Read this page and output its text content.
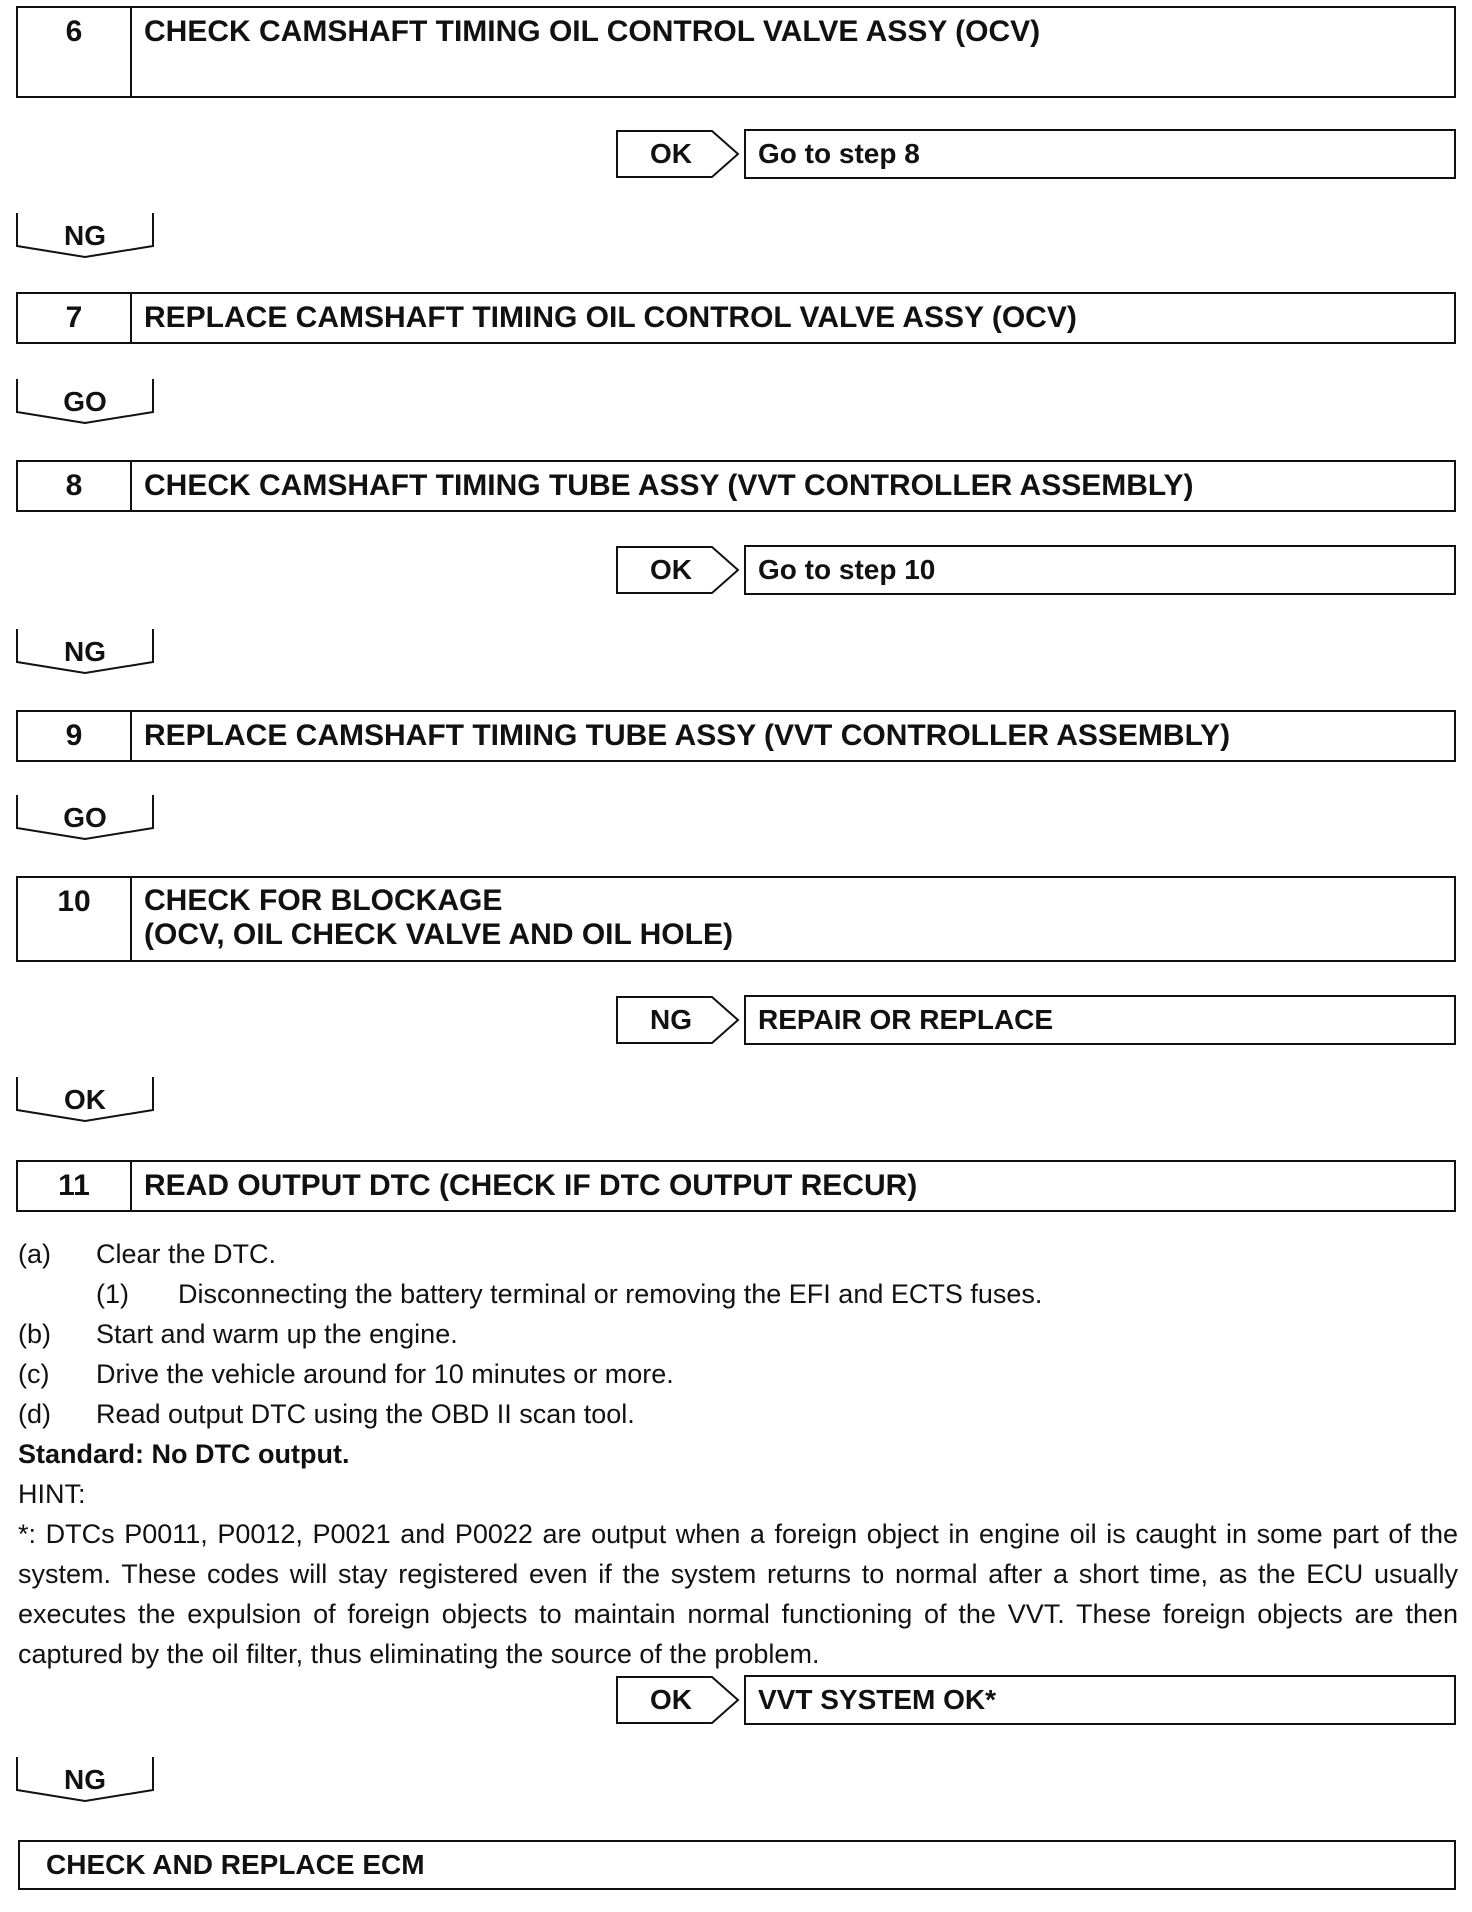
6	CHECK CAMSHAFT TIMING OIL CONTROL VALVE ASSY (OCV)
OK	Go to step 8
NG
7	REPLACE CAMSHAFT TIMING OIL CONTROL VALVE ASSY (OCV)
GO
8	CHECK CAMSHAFT TIMING TUBE ASSY (VVT CONTROLLER ASSEMBLY)
OK	Go to step 10
NG
9	REPLACE CAMSHAFT TIMING TUBE ASSY (VVT CONTROLLER ASSEMBLY)
GO
10	CHECK FOR BLOCKAGE
(OCV, OIL CHECK VALVE AND OIL HOLE)
NG	REPAIR OR REPLACE
OK
11	READ OUTPUT DTC (CHECK IF DTC OUTPUT RECUR)
(a) Clear the DTC.
(1) Disconnecting the battery terminal or removing the EFI and ECTS fuses.
(b) Start and warm up the engine.
(c) Drive the vehicle around for 10 minutes or more.
(d) Read output DTC using the OBD II scan tool.
Standard: No DTC output.
HINT:
*: DTCs P0011, P0012, P0021 and P0022 are output when a foreign object in engine oil is caught in some part of the system. These codes will stay registered even if the system returns to normal after a short time, as the ECU usually executes the expulsion of foreign objects to maintain normal functioning of the VVT. These foreign objects are then captured by the oil filter, thus eliminating the source of the problem.
OK	VVT SYSTEM OK*
NG
CHECK AND REPLACE ECM
